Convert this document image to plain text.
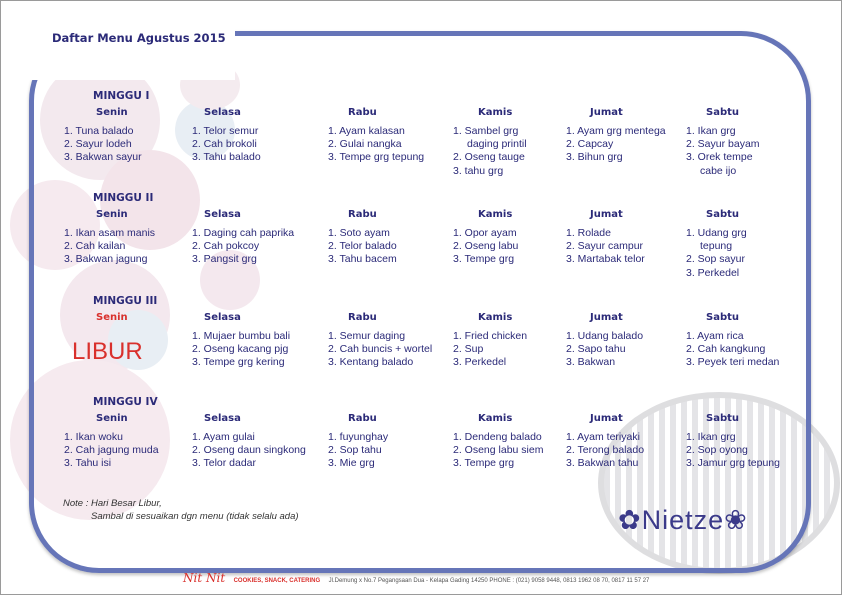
Daftar Menu Agustus 2015
MINGGU I
Senin
1. Tuna balado
2. Sayur lodeh
3. Bakwan sayur
Selasa
1. Telor semur
2. Cah brokoli
3. Tahu balado
Rabu
1. Ayam kalasan
2. Gulai nangka
3. Tempe grg tepung
Kamis
1. Sambel grg
daging printil
2. Oseng tauge
3. tahu grg
Jumat
1. Ayam grg mentega
2. Capcay
3. Bihun grg
Sabtu
1. Ikan grg
2. Sayur bayam
3. Orek tempe
cabe ijo
MINGGU II
Senin
1. Ikan asam manis
2. Cah kailan
3. Bakwan jagung
Selasa
1. Daging cah paprika
2. Cah pokcoy
3. Pangsit grg
Rabu
1. Soto ayam
2. Telor balado
3. Tahu bacem
Kamis
1. Opor ayam
2. Oseng labu
3. Tempe grg
Jumat
1. Rolade
2. Sayur campur
3. Martabak telor
Sabtu
1. Udang grg
tepung
2. Sop sayur
3. Perkedel
MINGGU III
Senin	Selasa
1. Mujaer bumbu bali
2. Oseng kacang pjg
3. Tempe grg kering
Rabu
1. Semur daging
2. Cah buncis + wortel
3. Kentang balado
Kamis
1. Fried chicken
2. Sup
3. Perkedel
Jumat
1. Udang balado
2. Sapo tahu
3. Bakwan
Sabtu
1. Ayam rica
2. Cah kangkung
3. Peyek teri medan
MINGGU IV
Senin
1. Ikan woku
2. Cah jagung muda
3. Tahu isi
Selasa
1. Ayam gulai
2. Oseng daun singkong
3. Telor dadar
Rabu
1. fuyunghay
2. Sop tahu
3. Mie grg
Kamis
1. Dendeng balado
2. Oseng labu siem
3. Tempe grg
Jumat
1. Ayam teriyaki
2. Terong balado
3. Bakwan tahu
Sabtu
1. Ikan grg
2. Sop oyong
3. Jamur grg tepung
LIBUR
Note : Hari Besar Libur,
Sambal di sesuaikan dgn menu (tidak selalu ada)	✿Nietze❀
Nit Nit COOKIES, SNACK, CATERING Jl.Demung x No.7 Pegangsaan Dua - Kelapa Gading 14250 PHONE : (021) 9058 9448, 0813 1962 08 70, 0817 11 57 27
